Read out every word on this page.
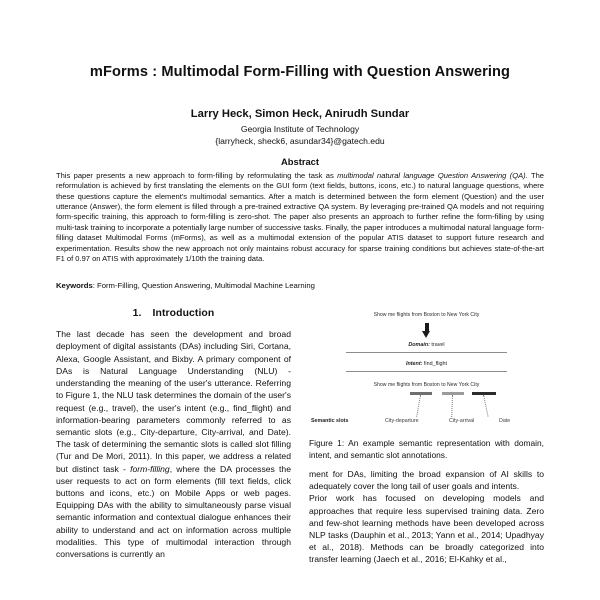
mForms : Multimodal Form-Filling with Question Answering
Larry Heck, Simon Heck, Anirudh Sundar
Georgia Institute of Technology
{larryheck, sheck6, asundar34}@gatech.edu
Abstract

This paper presents a new approach to form-filling by reformulating the task as multimodal natural language Question Answering (QA). The reformulation is achieved by first translating the elements on the GUI form (text fields, buttons, icons, etc.) to natural language questions, where these questions capture the element's multimodal semantics. After a match is determined between the form element (Question) and the user utterance (Answer), the form element is filled through a pre-trained extractive QA system. By leveraging pre-trained QA models and not requiring form-specific training, this approach to form-filling is zero-shot. The paper also presents an approach to further refine the form-filling by using multi-task training to incorporate a potentially large number of successive tasks. Finally, the paper introduces a multimodal natural language form-filling dataset Multimodal Forms (mForms), as well as a multimodal extension of the popular ATIS dataset to support future research and experimentation. Results show the new approach not only maintains robust accuracy for sparse training conditions but achieves state-of-the-art F1 of 0.97 on ATIS with approximately 1/10th the training data.

Keywords: Form-Filling, Question Answering, Multimodal Machine Learning
1. Introduction

The last decade has seen the development and broad deployment of digital assistants (DAs) including Siri, Cortana, Alexa, Google Assistant, and Bixby. A primary component of DAs is Natural Language Understanding (NLU) - understanding the meaning of the user's utterance. Referring to Figure 1, the NLU task determines the domain of the user's request (e.g., travel), the user's intent (e.g., find_flight) and information-bearing parameters commonly referred to as semantic slots (e.g., City-departure, City-arrival, and Date). The task of determining the semantic slots is called slot filling (Tur and De Mori, 2011). In this paper, we address a related but distinct task - form-filling, where the DA processes the user requests to act on form elements (fill text fields, click buttons and icons, etc.) on Mobile Apps or web pages. Equipping DAs with the ability to simultaneously parse visual semantic information and contextual dialogue enhances their ability to understand and act on information across multiple modalities. This type of multimodal interaction through conversations is currently an

Show me flights from Boston to New York City
Domain: travel
Intent: find_flight
Show me flights from Boston to New York City
Semantic slots	City-departure	City-arrival	Date
Figure 1: An example semantic representation with domain, intent, and semantic slot annotations.

ment for DAs, limiting the broad expansion of AI skills to adequately cover the long tail of user goals and intents.

Prior work has focused on developing models and approaches that require less supervised training data. Zero and few-shot learning methods have been developed across NLP tasks (Dauphin et al., 2013; Yann et al., 2014; Upadhyay et al., 2018). Methods can be broadly categorized into transfer learning (Jaech et al., 2016; El-Kahky et al.,
